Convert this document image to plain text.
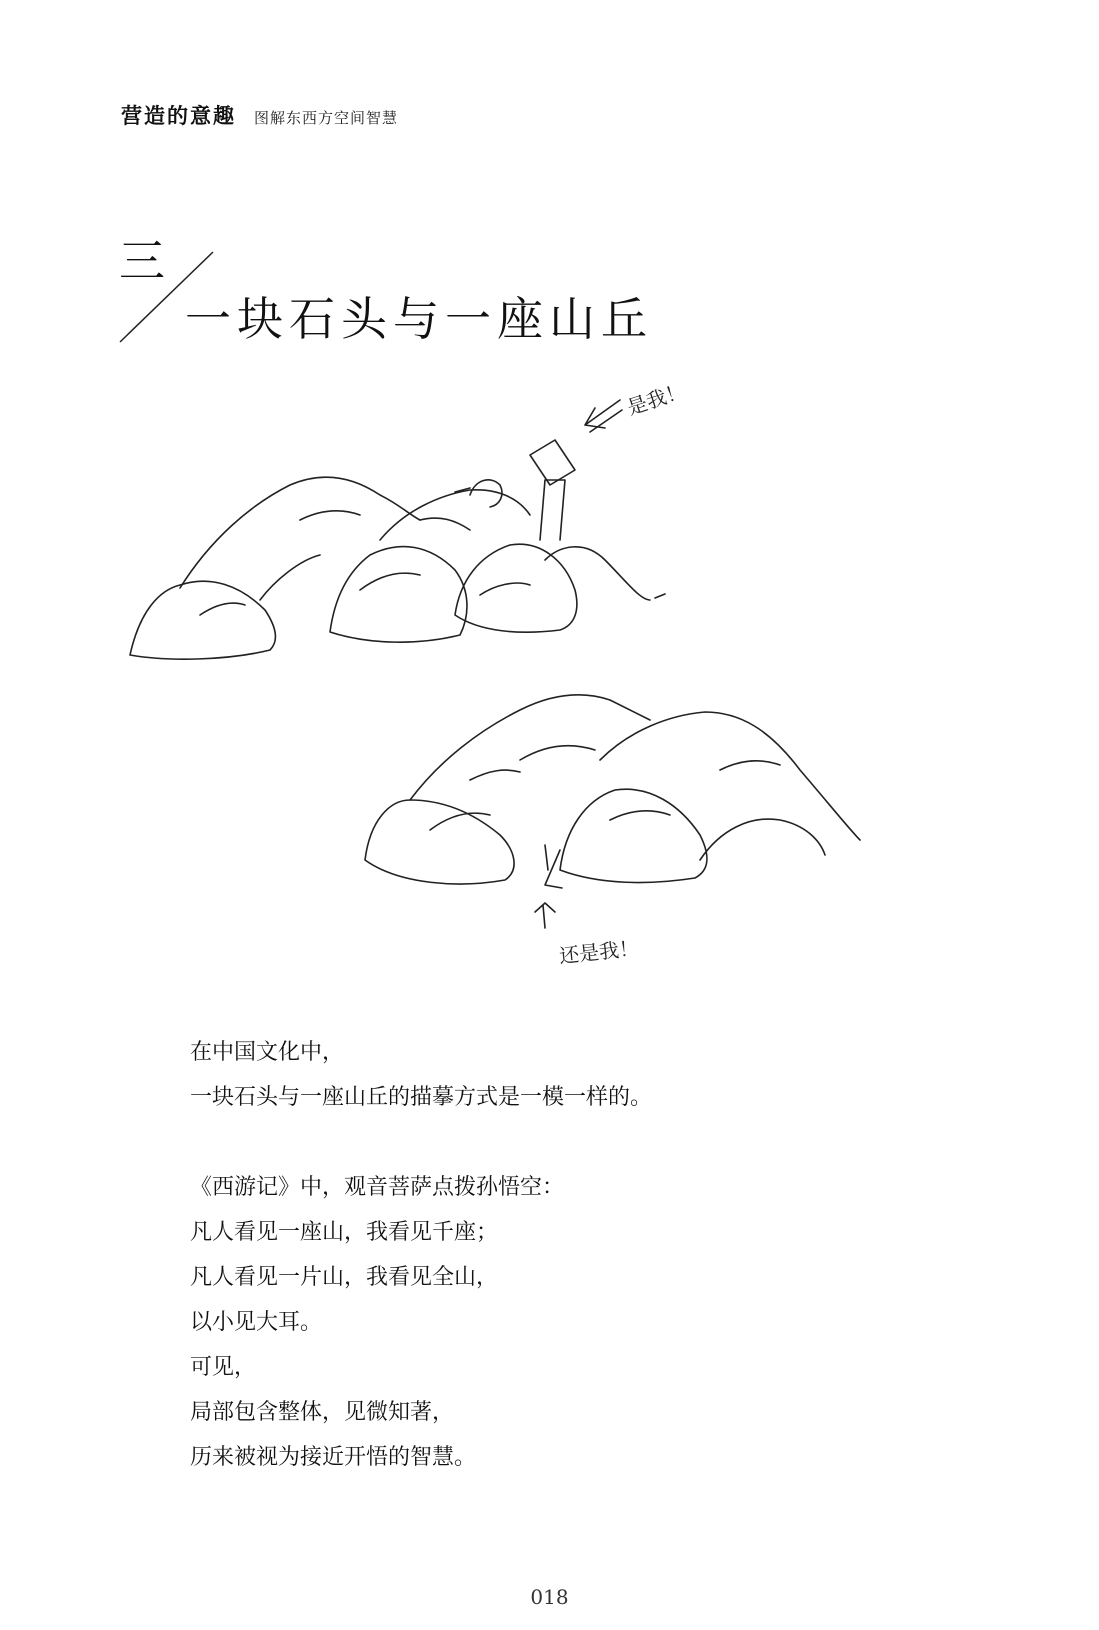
营造的意趣 图解东西方空间智慧
三
一块石头与一座山丘
是我！
还是我！

在中国文化中，

一块石头与一座山丘的描摹方式是一模一样的。

《西游记》中，观音菩萨点拨孙悟空：

凡人看见一座山，我看见千座；

凡人看见一片山，我看见全山，

以小见大耳。

可见，

局部包含整体，见微知著，

历来被视为接近开悟的智慧。

018
